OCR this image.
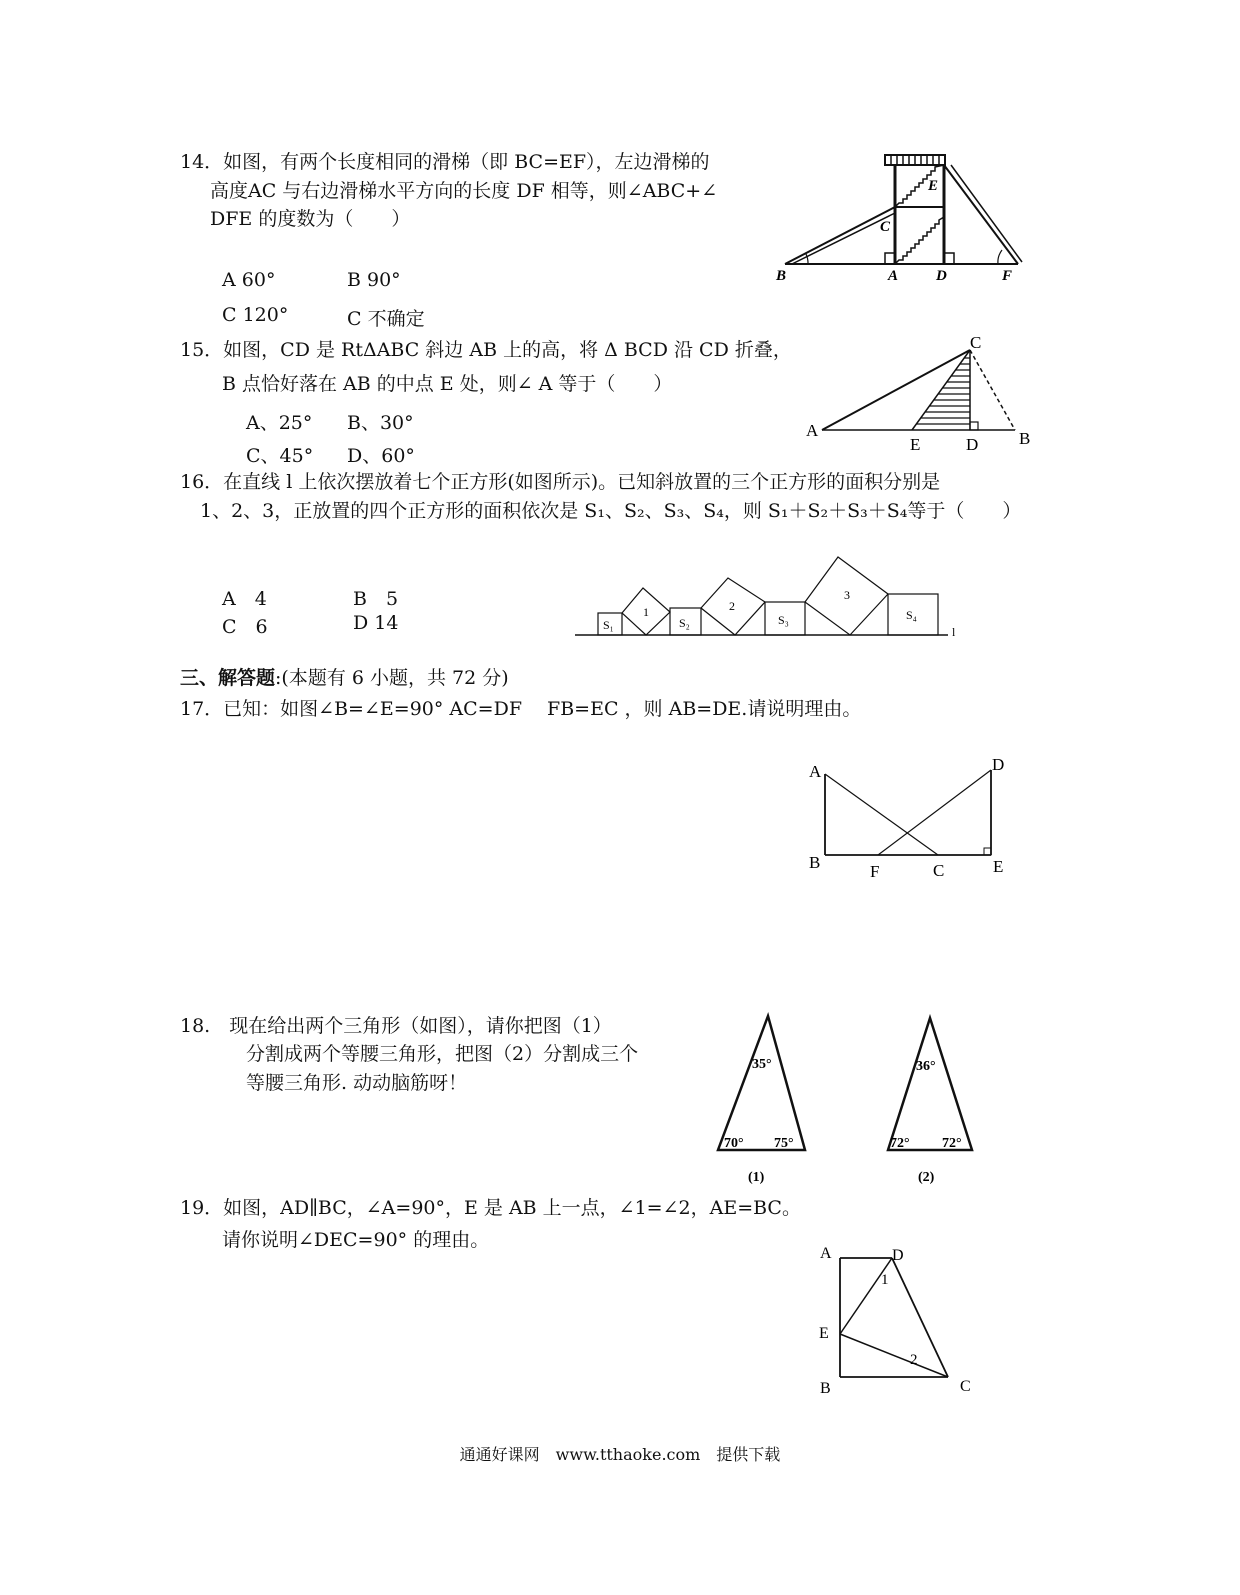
14．如图，有两个长度相同的滑梯（即 BC=EF），左边滑梯的
高度AC 与右边滑梯水平方向的长度 DF 相等，则∠ABC+∠
DFE 的度数为（　　）
A 60°	B 90°
C 120°	C 不确定
B	A	D	F
C
E
15．如图，CD 是 RtΔABC 斜边 AB 上的高，将 Δ BCD 沿 CD 折叠，
B 点恰好落在 AB 的中点 E 处，则∠ A 等于（　　）
A、25° B、30°
C、45° D、60°
A	B
C
D
E
16．在直线 l 上依次摆放着七个正方形(如图所示)。已知斜放置的三个正方形的面积分别是
1、2、3，正放置的四个正方形的面积依次是 S₁、S₂、S₃、S₄，则 S₁＋S₂＋S₃＋S₄等于（　　）
A　4	B　5
C　6	D 14	S₁	S₂	S₃	S₄
1	2
3
l
三、解答题:(本题有 6 小题，共 72 分)
17．已知：如图∠B=∠E=90° AC=DF　 FB=EC ，则 AB=DE.请说明理由。
A
B	C
D
E
F
18.　现在给出两个三角形（如图），请你把图（1）
分割成两个等腰三角形，把图（2）分割成三个
等腰三角形. 动动脑筋呀！
35°
70° 75°
(1)
36°
72° 72°
(2)
19．如图，AD∥BC，∠A=90°，E 是 AB 上一点，∠1=∠2，AE=BC。
请你说明∠DEC=90° 的理由。
A	D
E
B	C
1
2
通通好课网　www.tthaoke.com　提供下载
